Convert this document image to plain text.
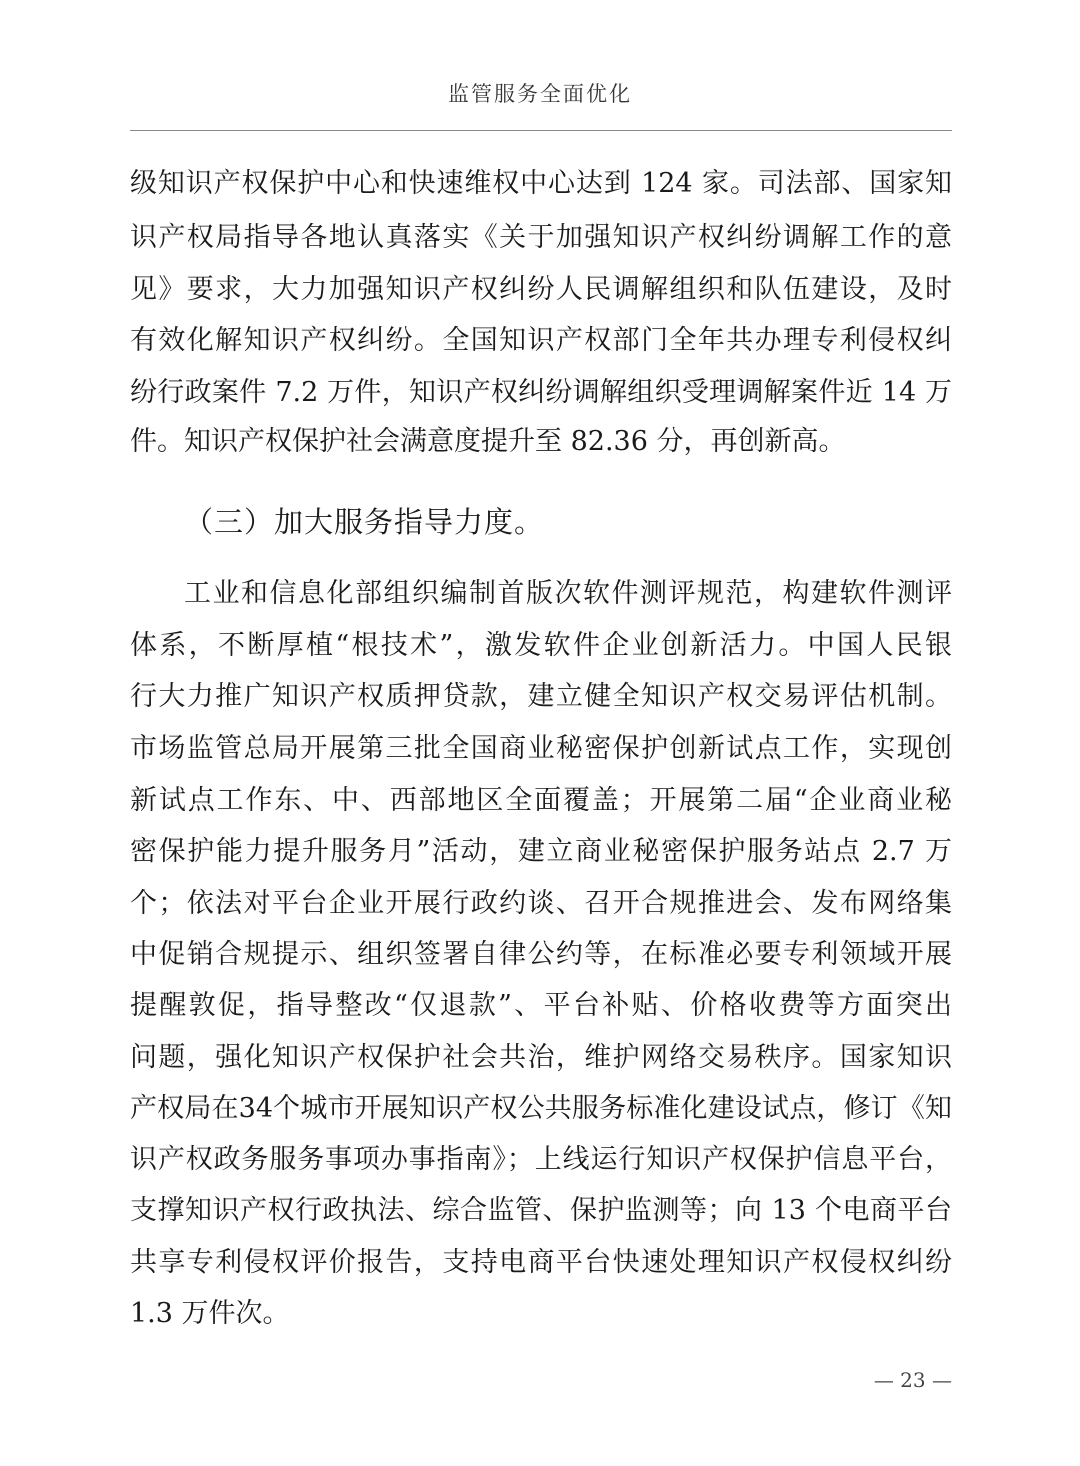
监管服务全面优化
级知识产权保护中心和快速维权中心达到 124 家。司法部、国家知
识产权局指导各地认真落实《关于加强知识产权纠纷调解工作的意
见》要求，大力加强知识产权纠纷人民调解组织和队伍建设，及时
有效化解知识产权纠纷。全国知识产权部门全年共办理专利侵权纠
纷行政案件 7.2 万件，知识产权纠纷调解组织受理调解案件近 14 万
件。知识产权保护社会满意度提升至 82.36 分，再创新高。
（三）加大服务指导力度。
工业和信息化部组织编制首版次软件测评规范，构建软件测评
体系，不断厚植“根技术”，激发软件企业创新活力。中国人民银
行大力推广知识产权质押贷款，建立健全知识产权交易评估机制。
市场监管总局开展第三批全国商业秘密保护创新试点工作，实现创
新试点工作东、中、西部地区全面覆盖；开展第二届“企业商业秘
密保护能力提升服务月”活动，建立商业秘密保护服务站点 2.7 万
个；依法对平台企业开展行政约谈、召开合规推进会、发布网络集
中促销合规提示、组织签署自律公约等，在标准必要专利领域开展
提醒敦促，指导整改“仅退款”、平台补贴、价格收费等方面突出
问题，强化知识产权保护社会共治，维护网络交易秩序。国家知识
产权局在34个城市开展知识产权公共服务标准化建设试点，修订《知
识产权政务服务事项办事指南》；上线运行知识产权保护信息平台，
支撑知识产权行政执法、综合监管、保护监测等；向 13 个电商平台
共享专利侵权评价报告，支持电商平台快速处理知识产权侵权纠纷
1.3 万件次。
— 23 —
